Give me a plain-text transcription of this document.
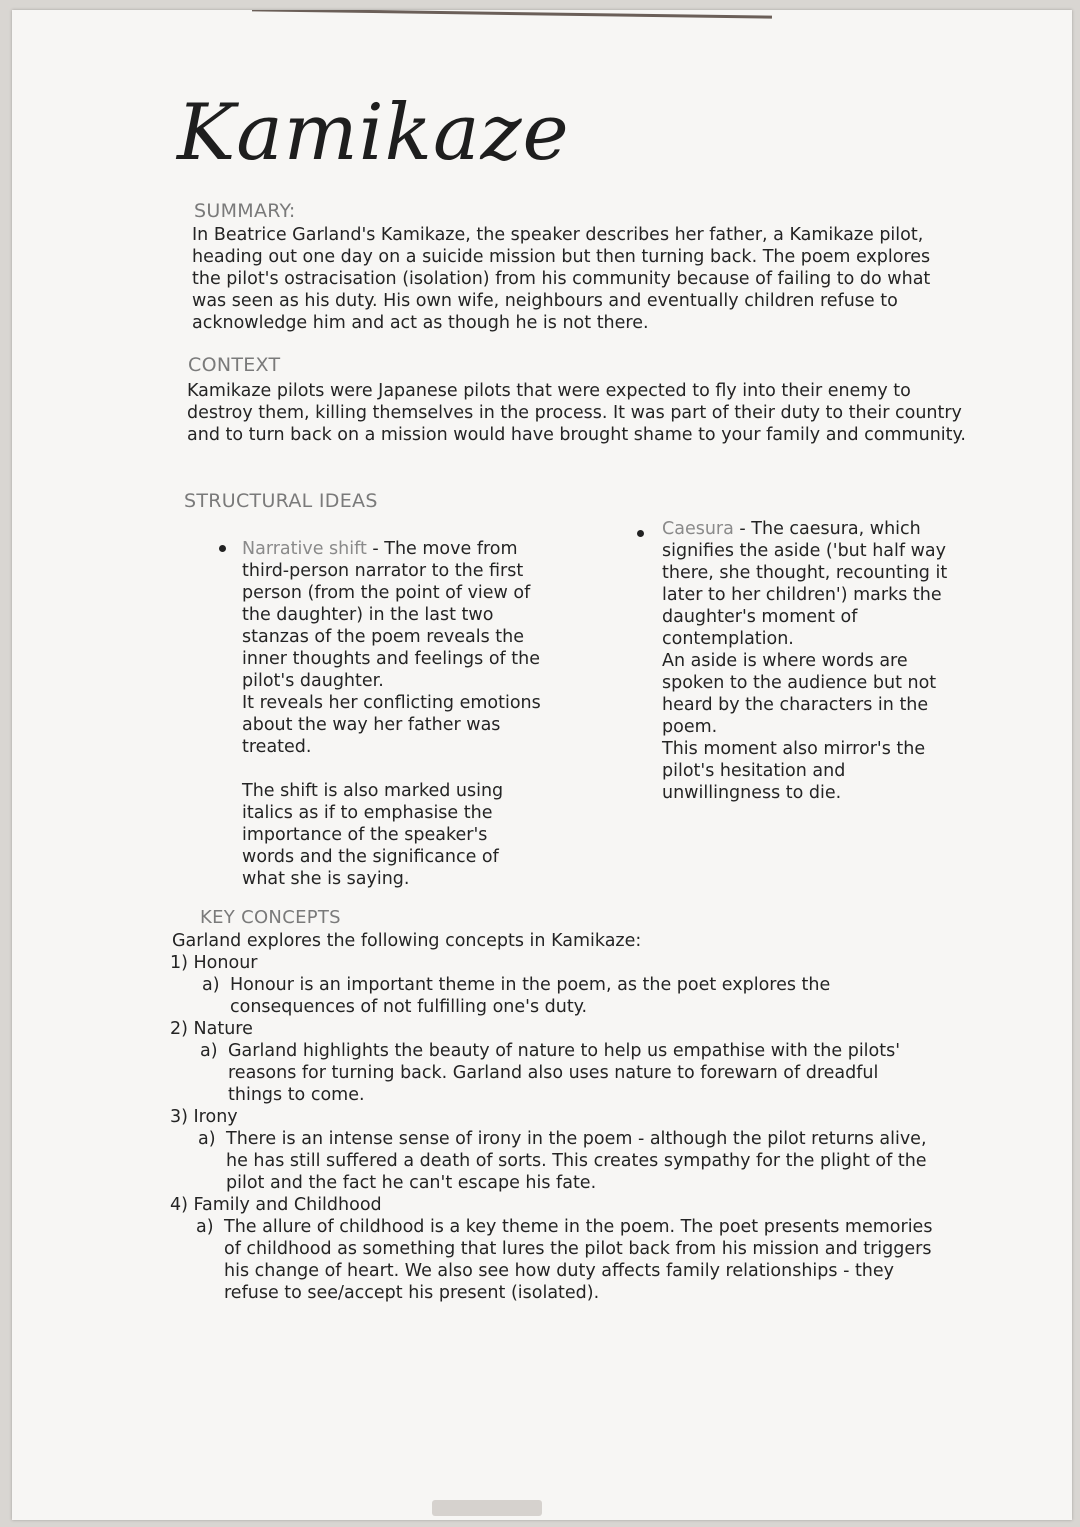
Kamikaze
SUMMARY:
In Beatrice Garland's Kamikaze, the speaker describes her father, a Kamikaze pilot, heading out one day on a suicide mission but then turning back. The poem explores the pilot's ostracisation (isolation) from his community because of failing to do what was seen as his duty. His own wife, neighbours and eventually children refuse to acknowledge him and act as though he is not there.
CONTEXT
Kamikaze pilots were Japanese pilots that were expected to fly into their enemy to destroy them, killing themselves in the process. It was part of their duty to their country and to turn back on a mission would have brought shame to your family and community.
STRUCTURAL IDEAS

Narrative shift - The move from third-person narrator to the first person (from the point of view of the daughter) in the last two stanzas of the poem reveals the inner thoughts and feelings of the pilot's daughter.

It reveals her conflicting emotions about the way her father was treated.

The shift is also marked using italics as if to emphasise the importance of the speaker's words and the significance of what she is saying.

Caesura - The caesura, which signifies the aside ('but half way there, she thought, recounting it later to her children') marks the daughter's moment of contemplation.

An aside is where words are spoken to the audience but not heard by the characters in the poem.

This moment also mirror's the pilot's hesitation and unwillingness to die.

KEY CONCEPTS
Garland explores the following concepts in Kamikaze:
1) Honour
a) Honour is an important theme in the poem, as the poet explores the consequences of not fulfilling one's duty.
2) Nature
a) Garland highlights the beauty of nature to help us empathise with the pilots' reasons for turning back. Garland also uses nature to forewarn of dreadful things to come.
3) Irony
a) There is an intense sense of irony in the poem - although the pilot returns alive, he has still suffered a death of sorts. This creates sympathy for the plight of the pilot and the fact he can't escape his fate.
4) Family and Childhood
a) The allure of childhood is a key theme in the poem. The poet presents memories of childhood as something that lures the pilot back from his mission and triggers his change of heart. We also see how duty affects family relationships - they refuse to see/accept his present (isolated).
